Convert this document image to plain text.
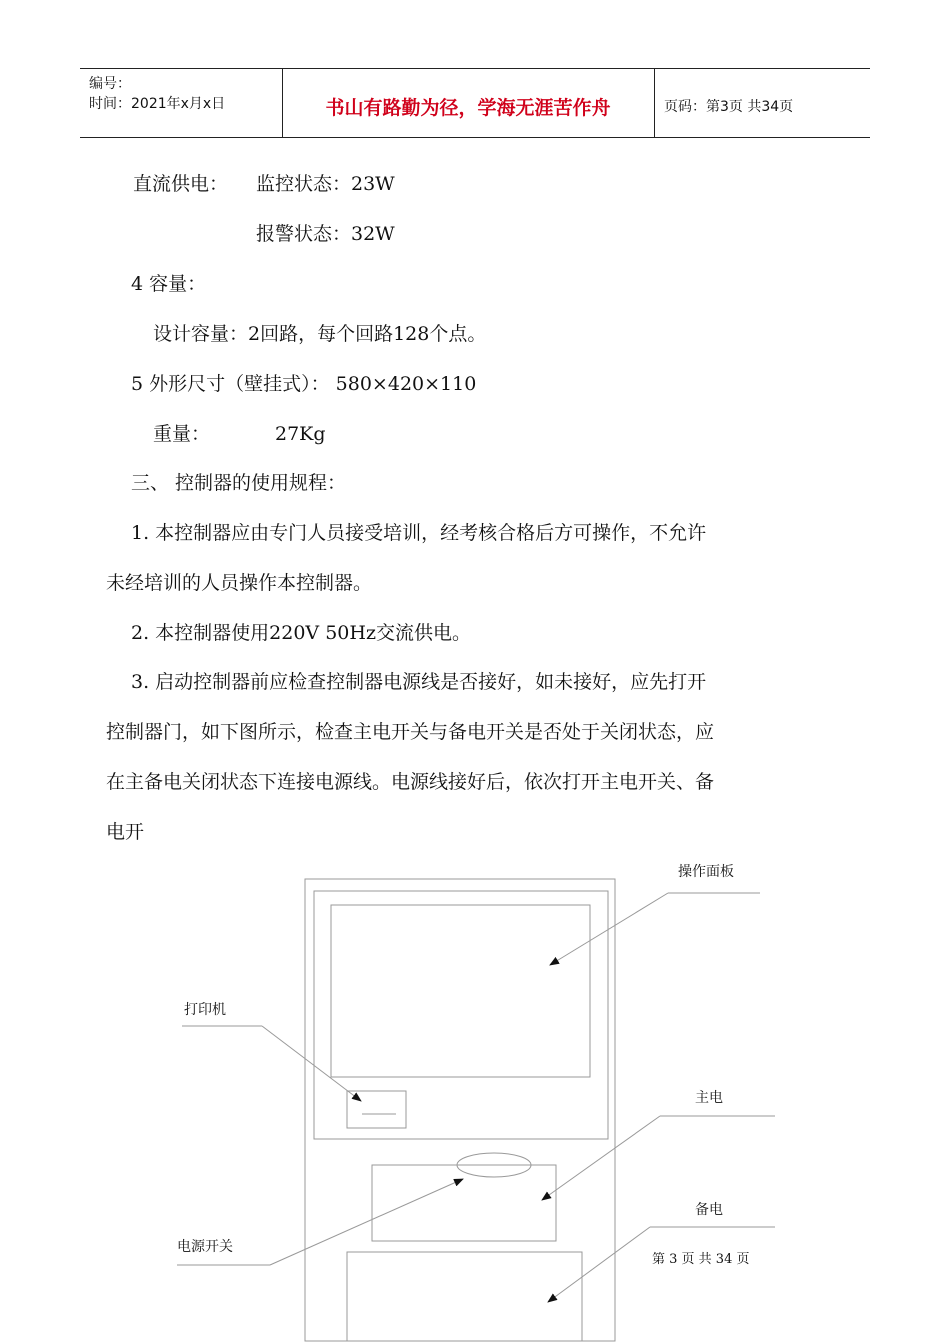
编号：
时间：2021年x月x日	书山有路勤为径，学海无涯苦作舟	页码：第3页 共34页
直流供电： 监控状态：23W
报警状态：32W
4 容量：
设计容量：2回路，每个回路128个点。
5 外形尺寸（壁挂式）： 580×420×110
重量：	27Kg
三、 控制器的使用规程：
1. 本控制器应由专门人员接受培训，经考核合格后方可操作，不允许
未经培训的人员操作本控制器。
2. 本控制器使用220V 50Hz交流供电。
3. 启动控制器前应检查控制器电源线是否接好，如未接好，应先打开
控制器门，如下图所示，检查主电开关与备电开关是否处于关闭状态，应
在主备电关闭状态下连接电源线。电源线接好后，依次打开主电开关、备
电开
操作面板
打印机
主电
备电
电源开关
第 3 页 共 34 页
